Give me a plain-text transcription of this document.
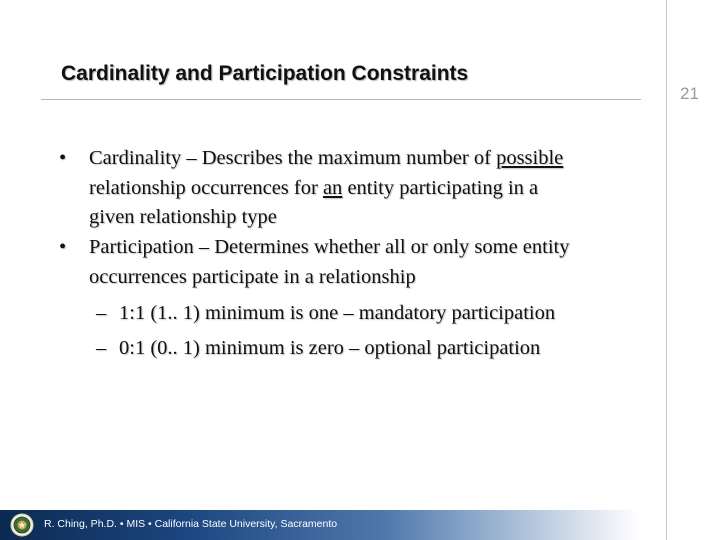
21
Cardinality and Participation Constraints
• Cardinality – Describes the maximum number of possible
relationship occurrences for an entity participating in a
given relationship type
• Participation – Determines whether all or only some entity
occurrences participate in a relationship
– 1:1 (1.. 1) minimum is one – mandatory participation
– 0:1 (0.. 1) minimum is zero – optional participation
R. Ching, Ph.D. • MIS • California State University, Sacramento
